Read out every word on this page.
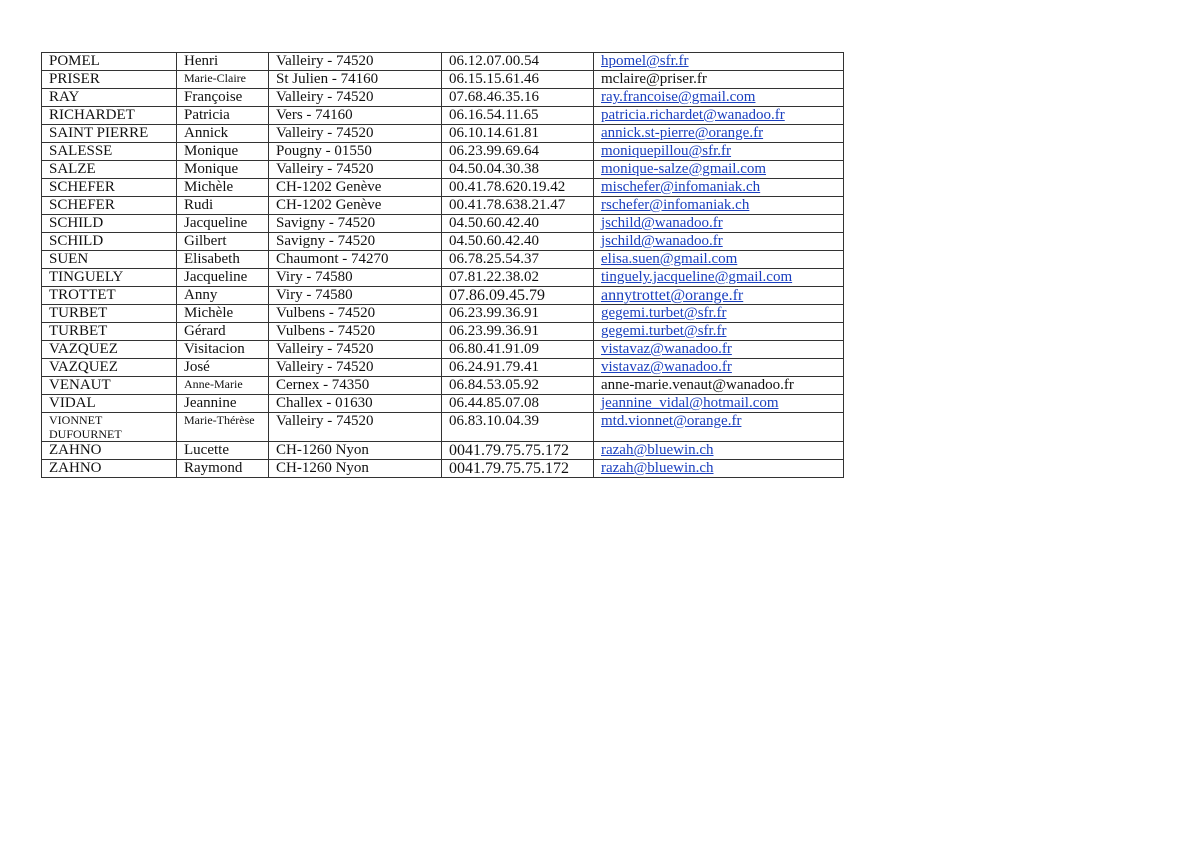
POMEL	Henri	Valleiry - 74520	06.12.07.00.54	hpomel@sfr.fr
PRISER	Marie-Claire	St Julien - 74160	06.15.15.61.46	mclaire@priser.fr
RAY	Françoise	Valleiry - 74520	07.68.46.35.16	ray.francoise@gmail.com
RICHARDET	Patricia	Vers - 74160	06.16.54.11.65	patricia.richardet@wanadoo.fr
SAINT PIERRE	Annick	Valleiry - 74520	06.10.14.61.81	annick.st-pierre@orange.fr
SALESSE	Monique	Pougny - 01550	06.23.99.69.64	moniquepillou@sfr.fr
SALZE	Monique	Valleiry - 74520	04.50.04.30.38	monique-salze@gmail.com
SCHEFER	Michèle	CH-1202 Genève	00.41.78.620.19.42	mischefer@infomaniak.ch
SCHEFER	Rudi	CH-1202 Genève	00.41.78.638.21.47	rschefer@infomaniak.ch
SCHILD	Jacqueline	Savigny - 74520	04.50.60.42.40	jschild@wanadoo.fr
SCHILD	Gilbert	Savigny - 74520	04.50.60.42.40	jschild@wanadoo.fr
SUEN	Elisabeth	Chaumont - 74270	06.78.25.54.37	elisa.suen@gmail.com
TINGUELY	Jacqueline	Viry - 74580	07.81.22.38.02	tinguely.jacqueline@gmail.com
TROTTET	Anny	Viry - 74580	07.86.09.45.79	annytrottet@orange.fr
TURBET	Michèle	Vulbens - 74520	06.23.99.36.91	gegemi.turbet@sfr.fr
TURBET	Gérard	Vulbens - 74520	06.23.99.36.91	gegemi.turbet@sfr.fr
VAZQUEZ	Visitacion	Valleiry - 74520	06.80.41.91.09	vistavaz@wanadoo.fr
VAZQUEZ	José	Valleiry - 74520	06.24.91.79.41	vistavaz@wanadoo.fr
VENAUT	Anne-Marie	Cernex - 74350	06.84.53.05.92	anne-marie.venaut@wanadoo.fr
VIDAL	Jeannine	Challex - 01630	06.44.85.07.08	jeannine_vidal@hotmail.com
VIONNET DUFOURNET	Marie-Thérèse	Valleiry - 74520	06.83.10.04.39	mtd.vionnet@orange.fr
ZAHNO	Lucette	CH-1260 Nyon	0041.79.75.75.172	razah@bluewin.ch
ZAHNO	Raymond	CH-1260 Nyon	0041.79.75.75.172	razah@bluewin.ch
